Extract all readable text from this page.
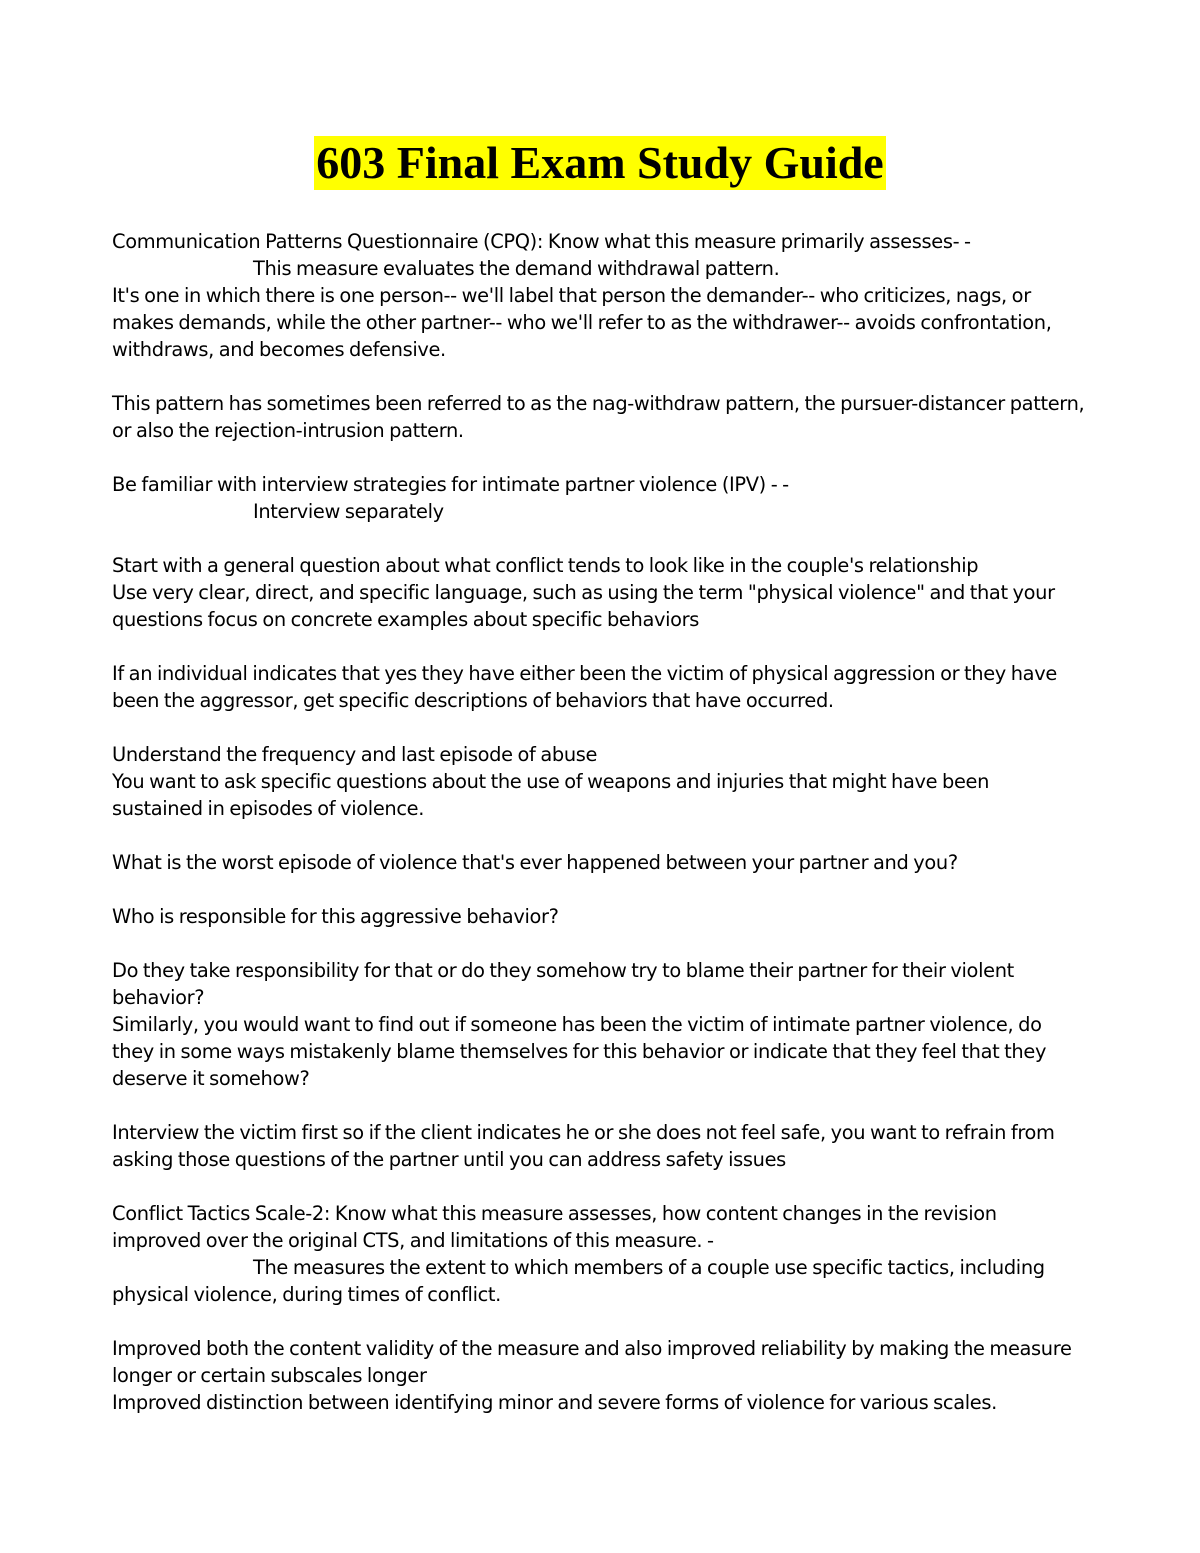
603 Final Exam Study Guide

Communication Patterns Questionnaire (CPQ): Know what this measure primarily assesses- -

This measure evaluates the demand withdrawal pattern.

It's one in which there is one person-- we'll label that person the demander-- who criticizes, nags, or

makes demands, while the other partner-- who we'll refer to as the withdrawer-- avoids confrontation,

withdraws, and becomes defensive.

This pattern has sometimes been referred to as the nag-withdraw pattern, the pursuer-distancer pattern,

or also the rejection-intrusion pattern.

Be familiar with interview strategies for intimate partner violence (IPV) - -

Interview separately

Start with a general question about what conflict tends to look like in the couple's relationship

Use very clear, direct, and specific language, such as using the term "physical violence" and that your

questions focus on concrete examples about specific behaviors

If an individual indicates that yes they have either been the victim of physical aggression or they have

been the aggressor, get specific descriptions of behaviors that have occurred.

Understand the frequency and last episode of abuse

You want to ask specific questions about the use of weapons and injuries that might have been

sustained in episodes of violence.

What is the worst episode of violence that's ever happened between your partner and you?

Who is responsible for this aggressive behavior?

Do they take responsibility for that or do they somehow try to blame their partner for their violent

behavior?

Similarly, you would want to find out if someone has been the victim of intimate partner violence, do

they in some ways mistakenly blame themselves for this behavior or indicate that they feel that they

deserve it somehow?

Interview the victim first so if the client indicates he or she does not feel safe, you want to refrain from

asking those questions of the partner until you can address safety issues

Conflict Tactics Scale-2: Know what this measure assesses, how content changes in the revision

improved over the original CTS, and limitations of this measure. -

The measures the extent to which members of a couple use specific tactics, including

physical violence, during times of conflict.

Improved both the content validity of the measure and also improved reliability by making the measure

longer or certain subscales longer

Improved distinction between identifying minor and severe forms of violence for various scales.
